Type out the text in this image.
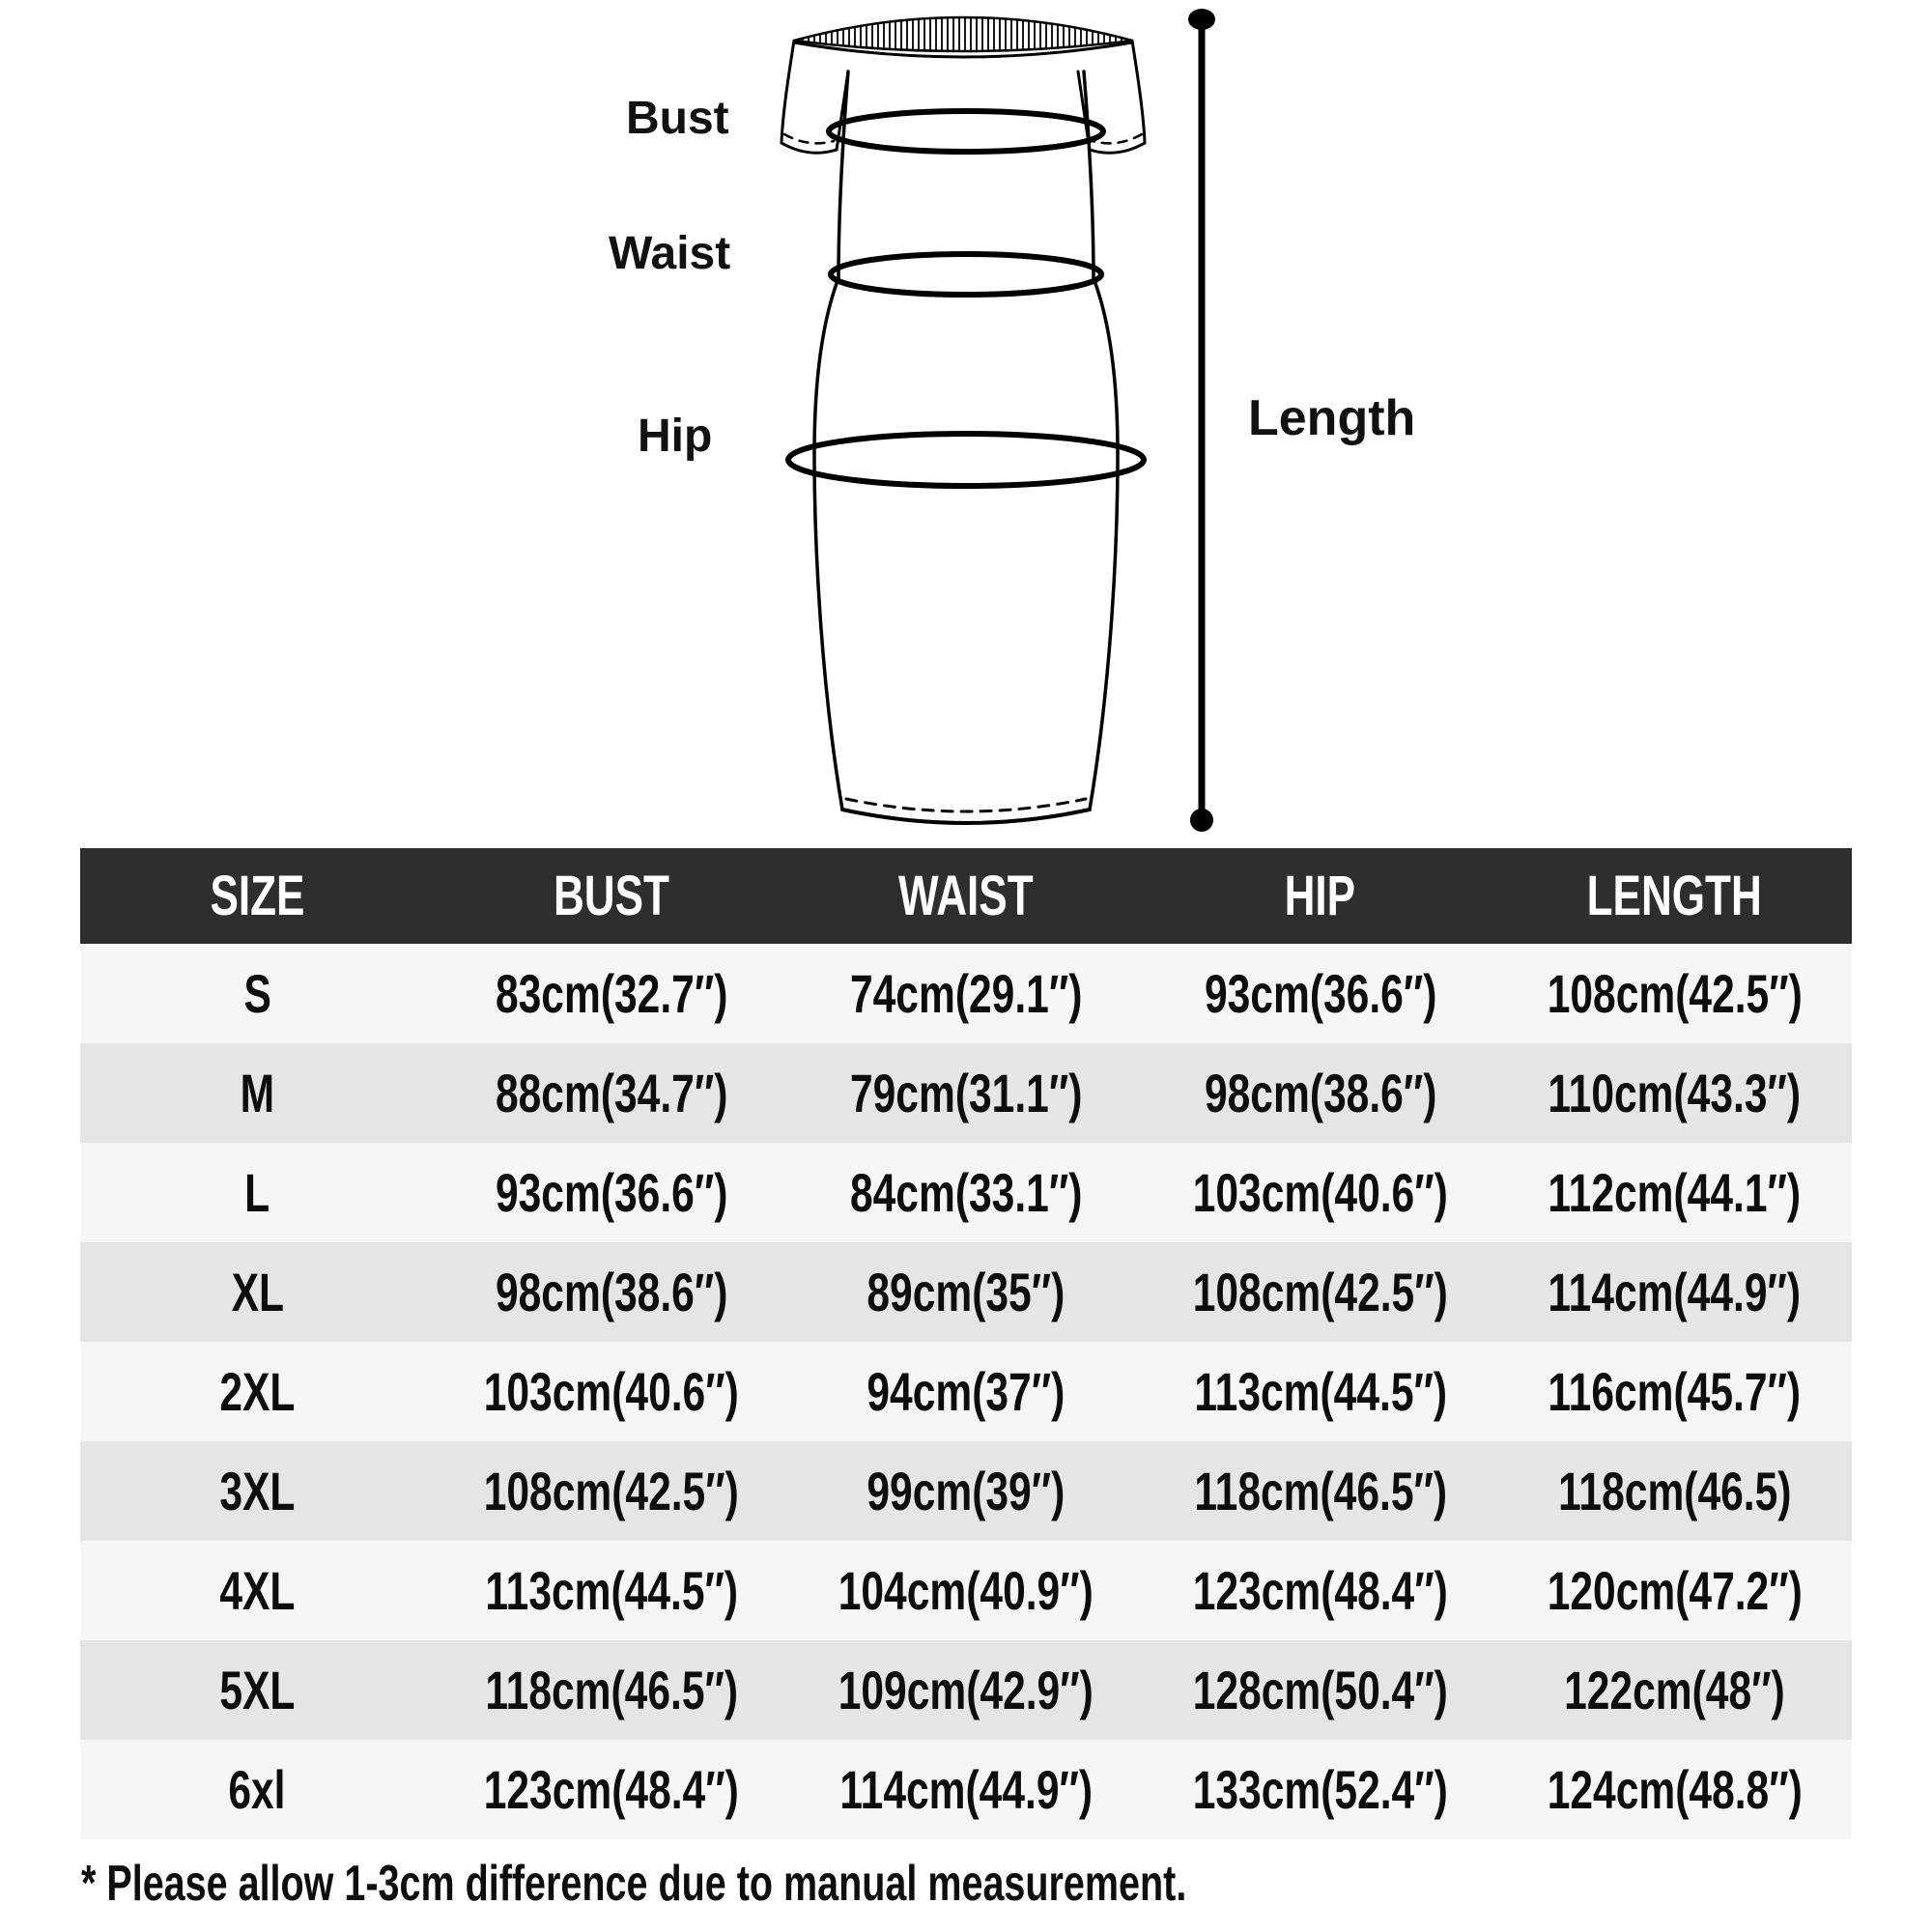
Bust
Waist
Hip	Length
SIZE	BUST	WAIST	HIP	LENGTH
S	83cm(32.7″) 74cm(29.1″) 93cm(36.6″) 108cm(42.5″)
M	88cm(34.7″) 79cm(31.1″) 98cm(38.6″) 110cm(43.3″)
L	93cm(36.6″) 84cm(33.1″) 103cm(40.6″) 112cm(44.1″)
XL	98cm(38.6″)	89cm(35″) 108cm(42.5″) 114cm(44.9″)
2XL	103cm(40.6″) 94cm(37″) 113cm(44.5″) 116cm(45.7″)
3XL	108cm(42.5″) 99cm(39″) 118cm(46.5″) 118cm(46.5)
4XL	113cm(44.5″) 104cm(40.9″) 123cm(48.4″) 120cm(47.2″)
5XL	118cm(46.5″) 109cm(42.9″) 128cm(50.4″) 122cm(48″)
6xl	123cm(48.4″) 114cm(44.9″) 133cm(52.4″) 124cm(48.8″)
* Please allow 1-3cm difference due to manual measurement.
